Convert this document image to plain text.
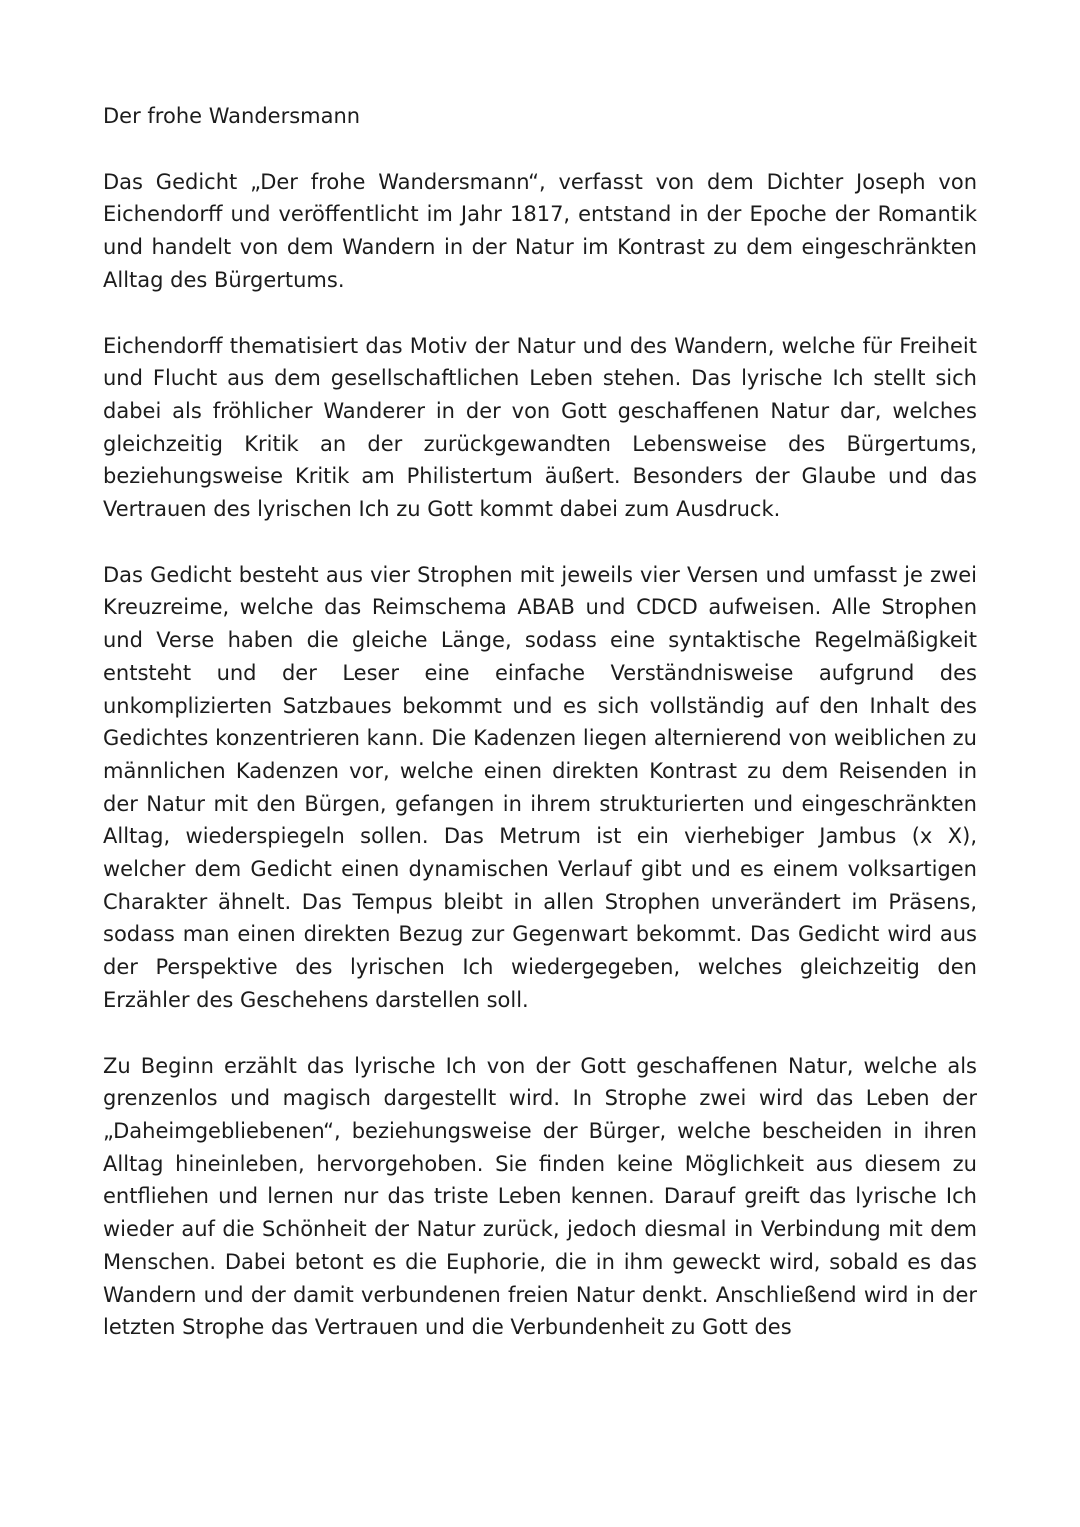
Der frohe Wandersmann

Das Gedicht „Der frohe Wandersmann“, verfasst von dem Dichter Joseph von Eichendorff und veröffentlicht im Jahr 1817, entstand in der Epoche der Romantik und handelt von dem Wandern in der Natur im Kontrast zu dem eingeschränkten Alltag des Bürgertums.

Eichendorff thematisiert das Motiv der Natur und des Wandern, welche für Freiheit und Flucht aus dem gesellschaftlichen Leben stehen. Das lyrische Ich stellt sich dabei als fröhlicher Wanderer in der von Gott geschaffenen Natur dar, welches gleichzeitig Kritik an der zurückgewandten Lebensweise des Bürgertums, beziehungsweise Kritik am Philistertum äußert. Besonders der Glaube und das Vertrauen des lyrischen Ich zu Gott kommt dabei zum Ausdruck.

Das Gedicht besteht aus vier Strophen mit jeweils vier Versen und umfasst je zwei Kreuzreime, welche das Reimschema ABAB und CDCD aufweisen. Alle Strophen und Verse haben die gleiche Länge, sodass eine syntaktische Regelmäßigkeit entsteht und der Leser eine einfache Verständnisweise aufgrund des unkomplizierten Satzbaues bekommt und es sich vollständig auf den Inhalt des Gedichtes konzentrieren kann. Die Kadenzen liegen alternierend von weiblichen zu männlichen Kadenzen vor, welche einen direkten Kontrast zu dem Reisenden in der Natur mit den Bürgen, gefangen in ihrem strukturierten und eingeschränkten Alltag, wiederspiegeln sollen. Das Metrum ist ein vierhebiger Jambus (x X), welcher dem Gedicht einen dynamischen Verlauf gibt und es einem volksartigen Charakter ähnelt. Das Tempus bleibt in allen Strophen unverändert im Präsens, sodass man einen direkten Bezug zur Gegenwart bekommt. Das Gedicht wird aus der Perspektive des lyrischen Ich wiedergegeben, welches gleichzeitig den Erzähler des Geschehens darstellen soll.

Zu Beginn erzählt das lyrische Ich von der Gott geschaffenen Natur, welche als grenzenlos und magisch dargestellt wird. In Strophe zwei wird das Leben der „Daheimgebliebenen“, beziehungsweise der Bürger, welche bescheiden in ihren Alltag hineinleben, hervorgehoben. Sie finden keine Möglichkeit aus diesem zu entfliehen und lernen nur das triste Leben kennen. Darauf greift das lyrische Ich wieder auf die Schönheit der Natur zurück, jedoch diesmal in Verbindung mit dem Menschen. Dabei betont es die Euphorie, die in ihm geweckt wird, sobald es das Wandern und der damit verbundenen freien Natur denkt. Anschließend wird in der letzten Strophe das Vertrauen und die Verbundenheit zu Gott des
